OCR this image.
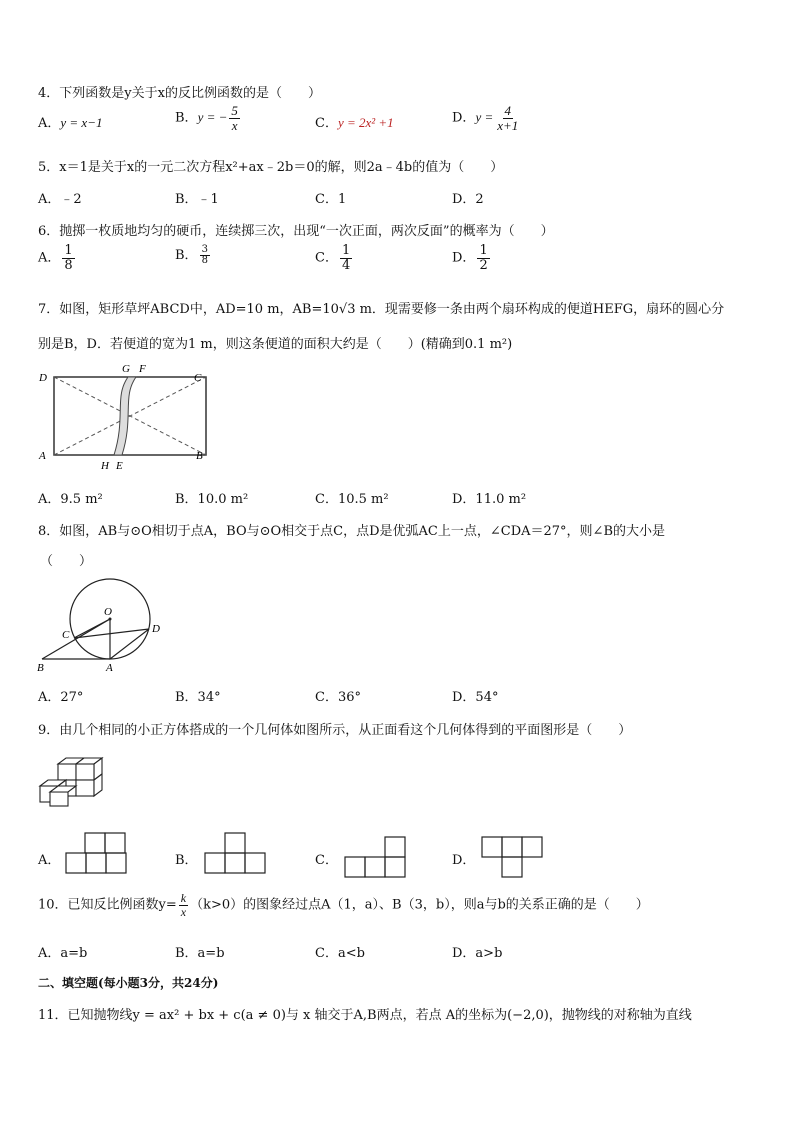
4．下列函数是y关于x的反比例函数的是（　　）
A．y = x−1	B．y = − $\frac{5}{x}$	C．y = 2x² +1	D．$y = \frac{4}{x+1}$
5．x＝1是关于x的一元二次方程x²+ax﹣2b＝0的解，则2a﹣4b的值为（　　）
A．﹣2	B．﹣1	C．1	D．2
6．抛掷一枚质地均匀的硬币，连续掷三次，出现“一次正面，两次反面”的概率为（　　）
A． $\frac{1}{8}$	B． $\frac{3}{8}$	C． $\frac{1}{4}$	D． $\frac{1}{2}$
7．如图，矩形草坪ABCD中，AD=10 m，AB=10√3 m．现需要修一条由两个扇环构成的便道HEFG，扇环的圆心分
别是B，D．若便道的宽为1 m，则这条便道的面积大约是（　　）(精确到0.1 m²)
D
G F
C
A
H E
B
A．9.5 m²	B．10.0 m²	C．10.5 m²	D．11.0 m²
8．如图，AB与⊙O相切于点A，BO与⊙O相交于点C，点D是优弧AC上一点，∠CDA＝27°，则∠B的大小是
（　　）
O
C	D
B	A
A．27°	B．34°	C．36°	D．54°
9．由几个相同的小正方体搭成的一个几何体如图所示，从正面看这个几何体得到的平面图形是（　　）
A．	B．	C．	D．
10．已知反比例函数$y= \frac{k}{x} (k>0)$的图象经过点A（1，a）、B（3，b），则a与b的关系正确的是（　　）
A．a=b	B．a=b	C．a<b	D．a>b
二、填空题(每小题3分，共24分)
11．已知抛物线y = ax² + bx + c(a ≠ 0)与 x 轴交于A,B两点，若点 A的坐标为(−2,0)，抛物线的对称轴为直线
